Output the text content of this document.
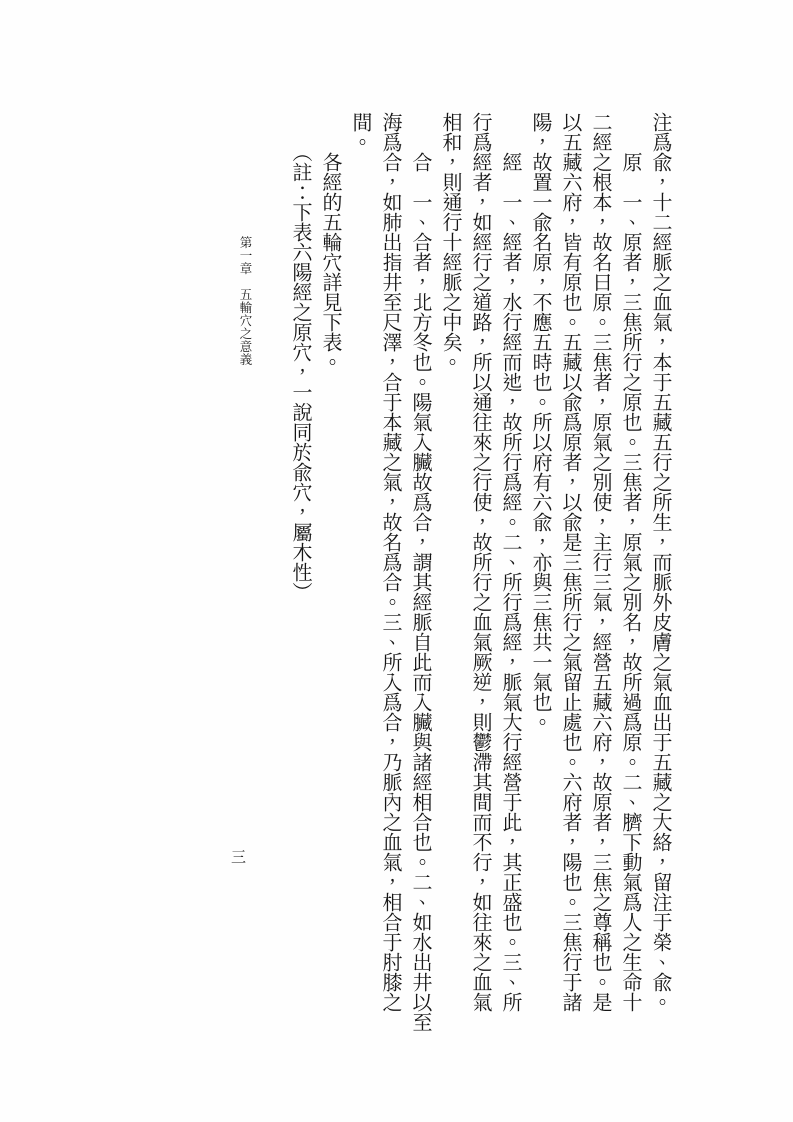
注爲兪，十二經脈之血氣，本于五藏五行之所生，而脈外皮膚之氣血出于五藏之大絡，留注于榮、兪。

　　原　一、原者，三焦所行之原也。三焦者，原氣之別名，故所過爲原。二、臍下動氣爲人之生命十二經之根本，故名曰原。三焦者，原氣之別使，主行三氣，經營五藏六府，故原者，三焦之尊稱也。是以五藏六府，皆有原也。五藏以兪爲原者，以兪是三焦所行之氣留止處也。六府者，陽也。三焦行于諸陽，故置一兪名原，不應五時也。所以府有六兪，亦與三焦共一氣也。

　　經　一、經者，水行經而迆，故所行爲經。二、所行爲經，脈氣大行經營于此，其正盛也。三、所行爲經者，如經行之道路，所以通往來之行使，故所行之血氣厥逆，則鬱滯其間而不行，如往來之血氣相和，則通行十經脈之中矣。

　　合　一、合者，北方冬也。陽氣入臟故爲合，謂其經脈自此而入臟與諸經相合也。二、如水出井以至海爲合，如肺出指井至尺澤，合于本藏之氣，故名爲合。三、所入爲合，乃脈內之血氣，相合于肘膝之間。

　　各經的五輪穴詳見下表。

　　（註：下表六陽經之原穴，一說同於兪穴，屬木性）

第一章　五輸穴之意義
三
